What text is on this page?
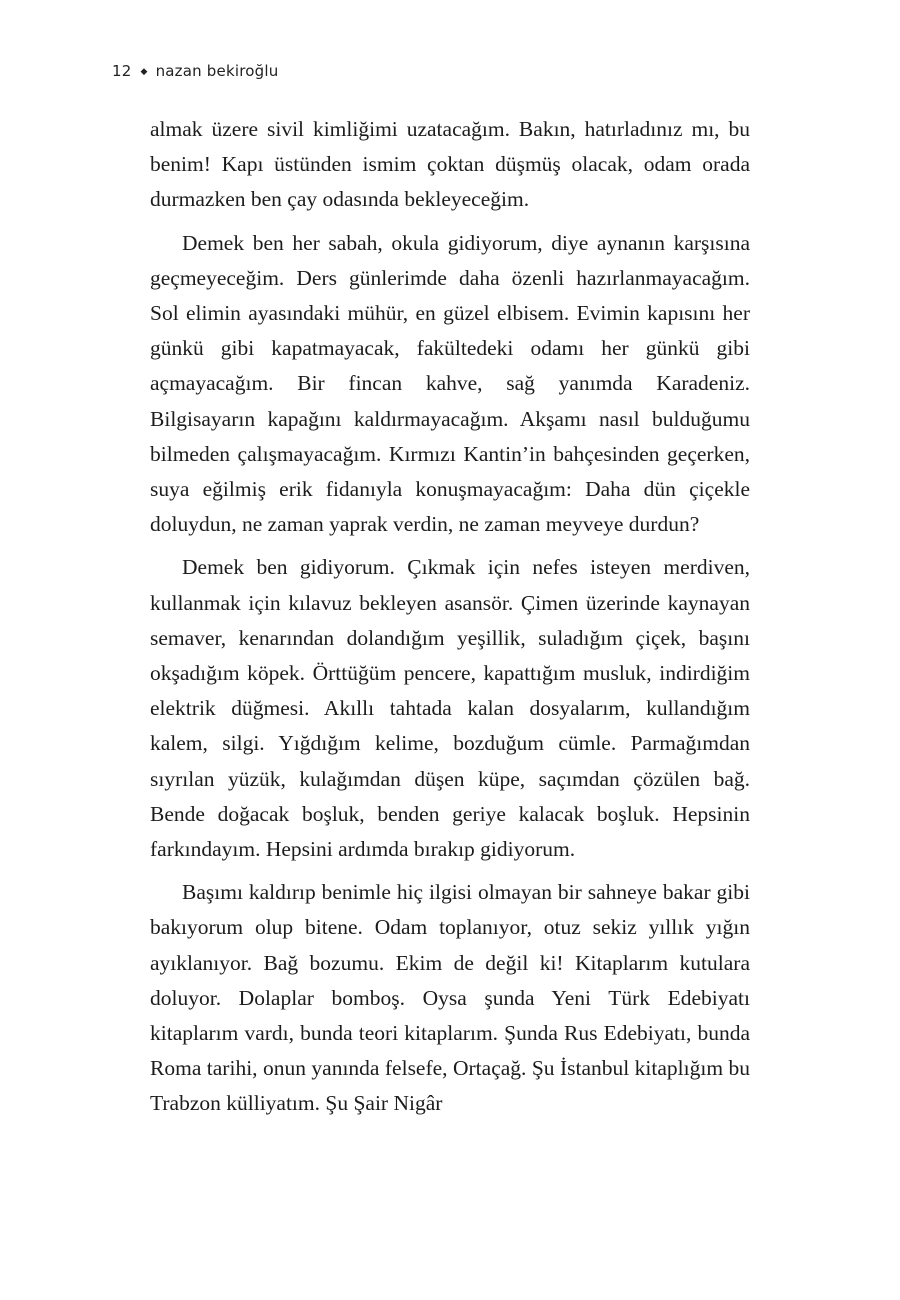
12 ◆ nazan bekiroğlu

almak üzere sivil kimliğimi uzatacağım. Bakın, hatırladınız mı, bu benim! Kapı üstünden ismim çoktan düşmüş olacak, odam orada durmazken ben çay odasında bekleyeceğim.

Demek ben her sabah, okula gidiyorum, diye aynanın karşısına geçmeyeceğim. Ders günlerimde daha özenli hazırlanmayacağım. Sol elimin ayasındaki mühür, en güzel elbisem. Evimin kapısını her günkü gibi kapatmayacak, fakültedeki odamı her günkü gibi açmayacağım. Bir fincan kahve, sağ yanımda Karadeniz. Bilgisayarın kapağını kaldırmayacağım. Akşamı nasıl bulduğumu bilmeden çalışmayacağım. Kırmızı Kantin’in bahçesinden geçerken, suya eğilmiş erik fidanıyla konuşmayacağım: Daha dün çiçekle doluydun, ne zaman yaprak verdin, ne zaman meyveye durdun?

Demek ben gidiyorum. Çıkmak için nefes isteyen merdiven, kullanmak için kılavuz bekleyen asansör. Çimen üzerinde kaynayan semaver, kenarından dolandığım yeşillik, suladığım çiçek, başını okşadığım köpek. Örttüğüm pencere, kapattığım musluk, indirdiğim elektrik düğmesi. Akıllı tahtada kalan dosyalarım, kullandığım kalem, silgi. Yığdığım kelime, bozduğum cümle. Parmağımdan sıyrılan yüzük, kulağımdan düşen küpe, saçımdan çözülen bağ. Bende doğacak boşluk, benden geriye kalacak boşluk. Hepsinin farkındayım. Hepsini ardımda bırakıp gidiyorum.

Başımı kaldırıp benimle hiç ilgisi olmayan bir sahneye bakar gibi bakıyorum olup bitene. Odam toplanıyor, otuz sekiz yıllık yığın ayıklanıyor. Bağ bozumu. Ekim de değil ki! Kitaplarım kutulara doluyor. Dolaplar bomboş. Oysa şunda Yeni Türk Edebiyatı kitaplarım vardı, bunda teori kitaplarım. Şunda Rus Edebiyatı, bunda Roma tarihi, onun yanında felsefe, Ortaçağ. Şu İstanbul kitaplığım bu Trabzon külliyatım. Şu Şair Nigâr
